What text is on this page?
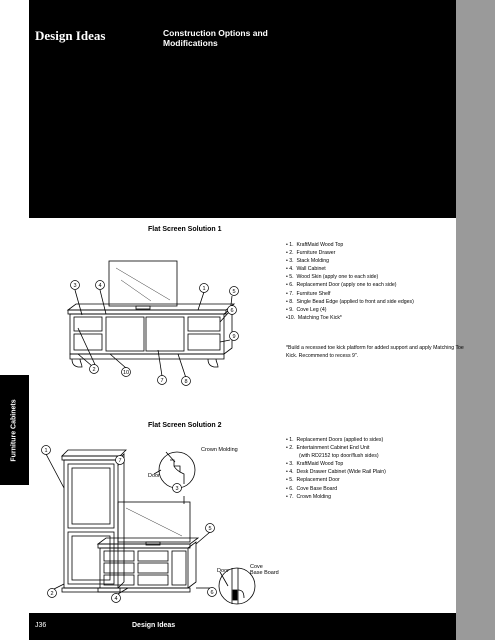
Design Ideas	Construction Options and
Modifications
Furniture Cabinets
Flat Screen Solution 1
3	4	1	5
6
9
2	10
7	8
• 1.  KraftMaid Wood Top
• 2.  Furniture Drawer
• 3.  Stack Molding
• 4.  Wall Cabinet
• 5.  Wood Skin (apply one to each side)
• 6.  Replacement Door (apply one to each side)
• 7.  Furniture Shelf
• 8.  Single Bead Edge (applied to front and side edges)
• 9.  Cove Leg (4)
•10.  Matching Toe Kick*
*Build a recessed toe kick platform for added support and apply Matching Toe Kick. Recommend to recess 9".
Flat Screen Solution 2
1
7
3
5
6
2
4
Crown Molding
Door
Door
Cove
Base Board
• 1.  Replacement Doors (applied to sides)
• 2.  Entertainment Cabinet End Unit
(with RD2152 top door/flush sides)
• 3.  KraftMaid Wood Top
• 4.  Desk Drawer Cabinet (Wide Rail Plain)
• 5.  Replacement Door
• 6.  Cove Base Board
• 7.  Crown Molding
J36	Design Ideas
